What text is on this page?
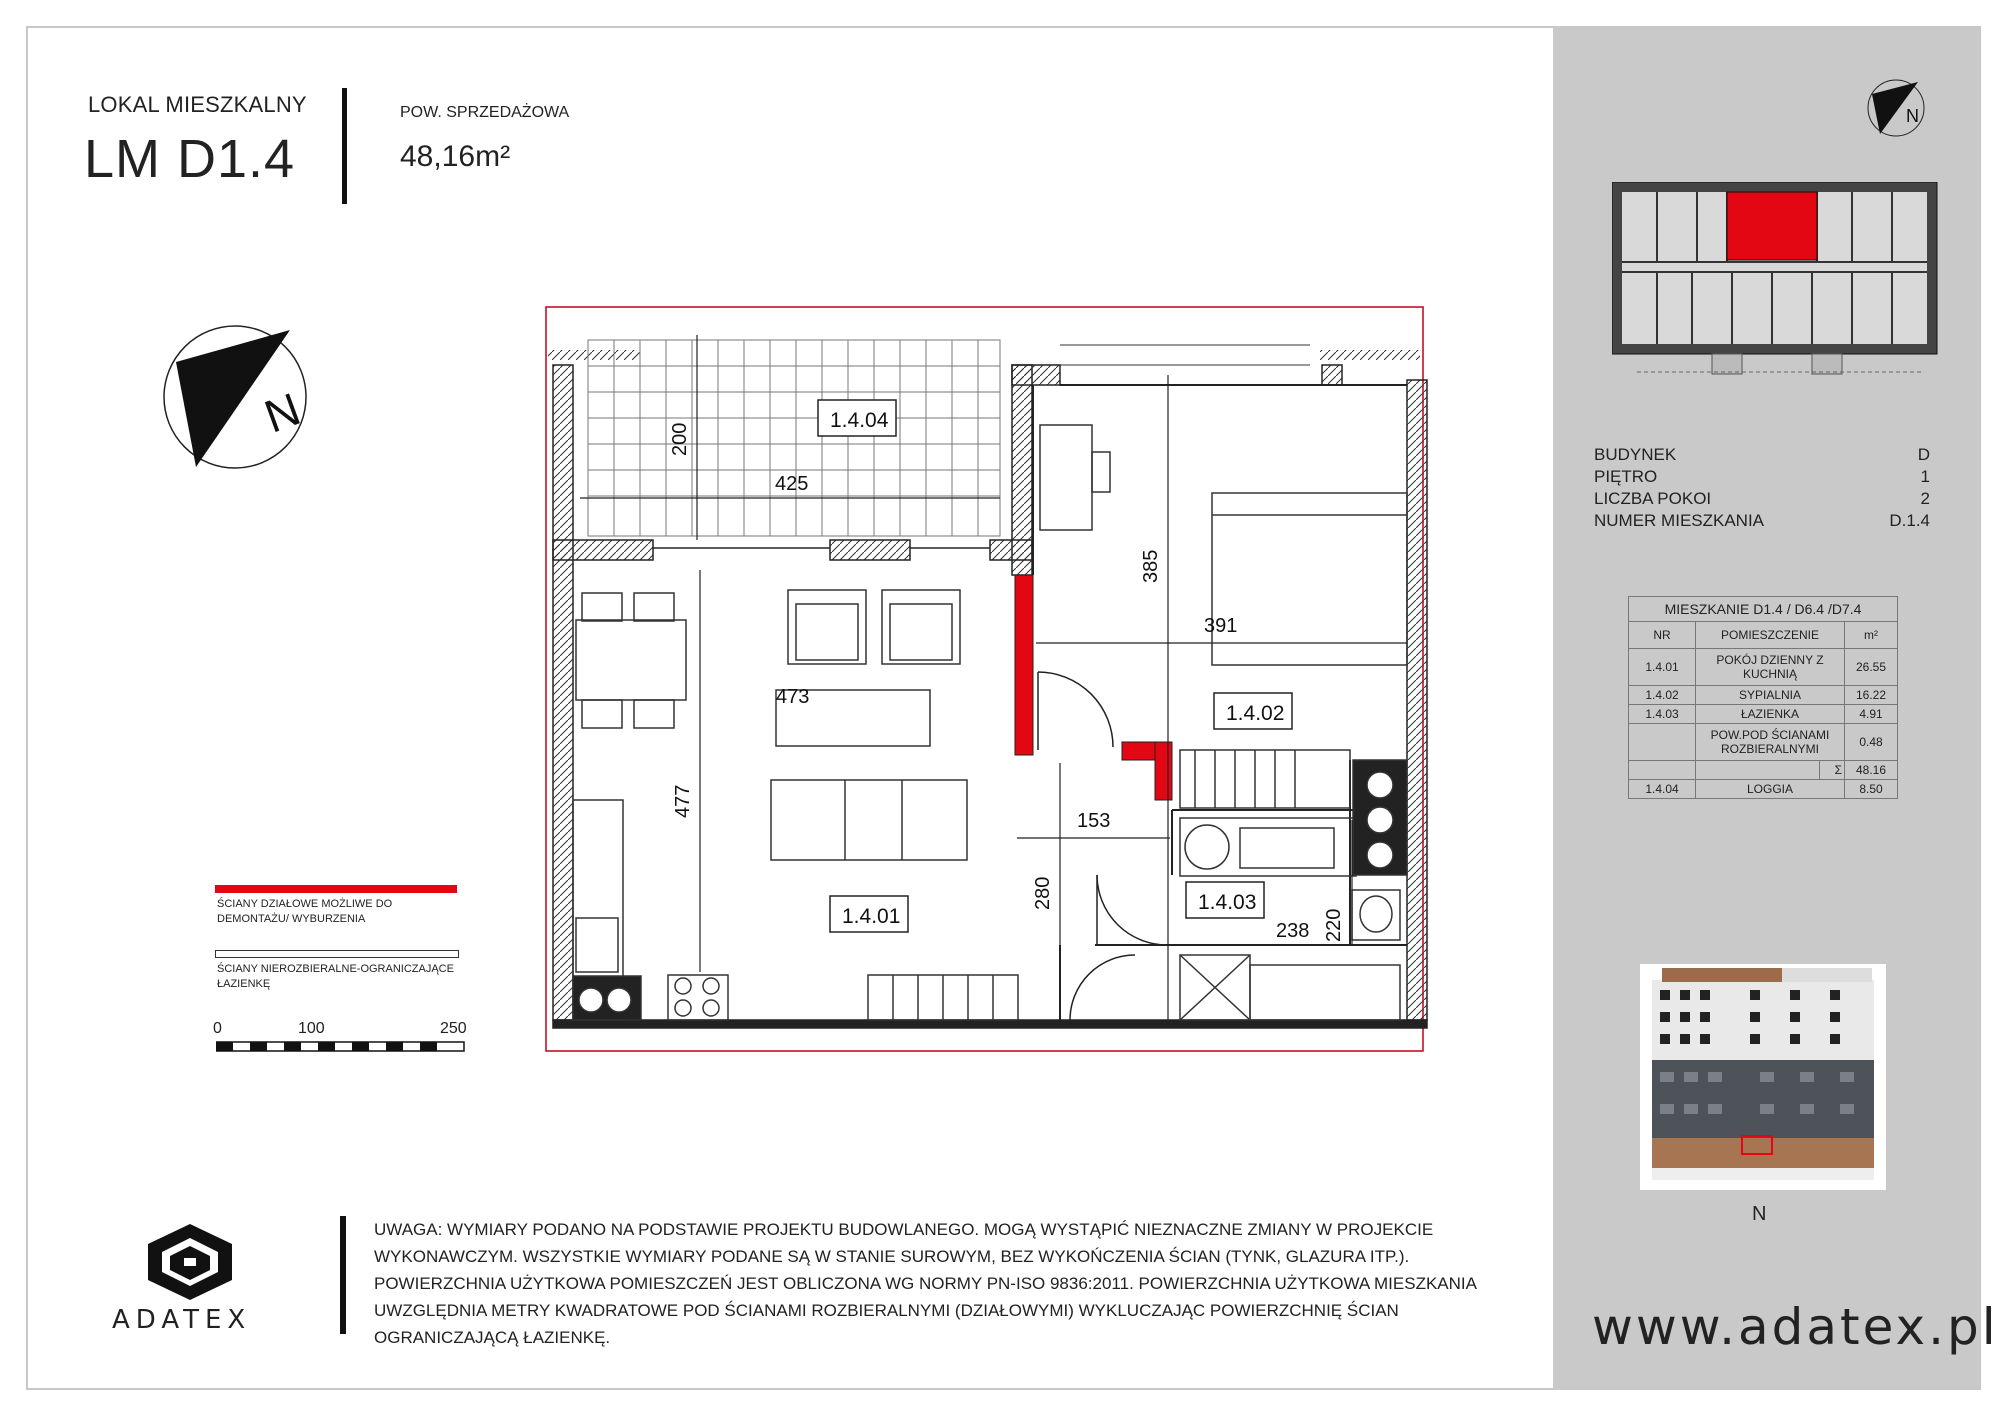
LOKAL MIESZKALNY
LM D1.4
POW. SPRZEDAŻOWA
48,16m²
N	1.4.04
1.4.02
1.4.01
1.4.03
200
425
385
391
473
477
153
280
238 220
ŚCIANY DZIAŁOWE MOŻLIWE DO DEMONTAŻU/ WYBURZENIA
ŚCIANY NIEROZBIERALNE-OGRANICZAJĄCE ŁAZIENKĘ
0	100	250
N
BUDYNEK	D
PIĘTRO	1
LICZBA POKOI	2
NUMER MIESZKANIA	D.1.4
MIESZKANIE D1.4 / D6.4 /D7.4			
NR	POMIESZCZENIE		m²
1.4.01	POKÓJ DZIENNY Z KUCHNIĄ		26.55
1.4.02	SYPIALNIA		16.22
1.4.03	ŁAZIENKA		4.91
	POW.POD ŚCIANAMI ROZBIERALNYMI		0.48
		Σ	48.16
1.4.04	LOGGIA		8.50
N
ADATEX
UWAGA: WYMIARY PODANO NA PODSTAWIE PROJEKTU BUDOWLANEGO. MOGĄ WYSTĄPIĆ NIEZNACZNE ZMIANY W PROJEKCIE WYKONAWCZYM. WSZYSTKIE WYMIARY PODANE SĄ W STANIE SUROWYM, BEZ WYKOŃCZENIA ŚCIAN (TYNK, GLAZURA ITP.). POWIERZCHNIA UŻYTKOWA POMIESZCZEŃ JEST OBLICZONA WG NORMY PN-ISO 9836:2011. POWIERZCHNIA UŻYTKOWA MIESZKANIA UWZGLĘDNIA METRY KWADRATOWE POD ŚCIANAMI ROZBIERALNYMI (DZIAŁOWYMI) WYKLUCZAJĄC POWIERZCHNIĘ ŚCIAN OGRANICZAJĄCĄ ŁAZIENKĘ.	www.adatex.pl
